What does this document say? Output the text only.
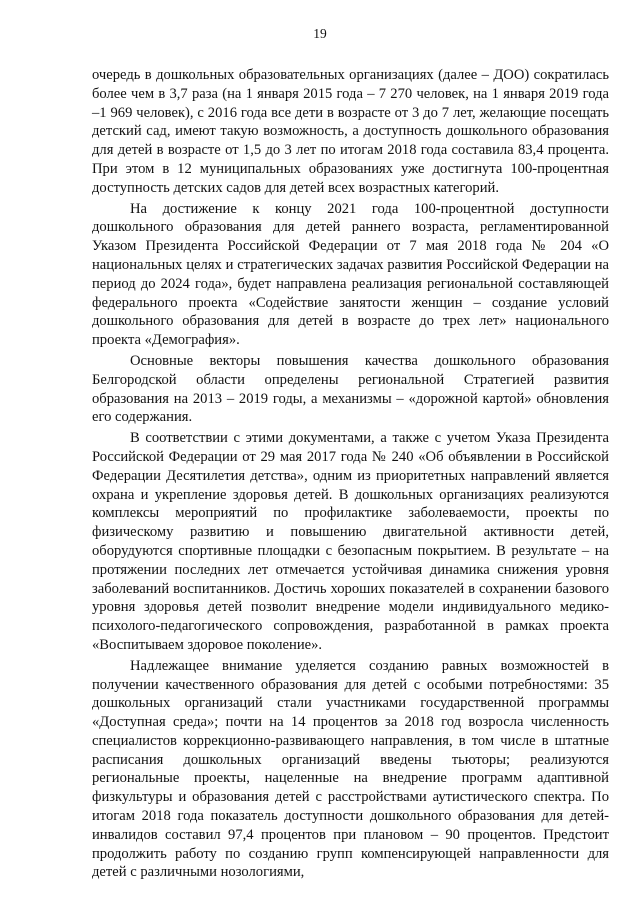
19

очередь в дошкольных образовательных организациях (далее – ДОО) сократилась более чем в 3,7 раза (на 1 января 2015 года – 7 270 человек, на 1 января 2019 года –1 969 человек), с 2016 года все дети в возрасте от 3 до 7 лет, желающие посещать детский сад, имеют такую возможность, а доступность дошкольного образования для детей в возрасте от 1,5 до 3 лет по итогам 2018 года составила 83,4 процента. При этом в 12 муниципальных образованиях уже достигнута 100-процентная доступность детских садов для детей всех возрастных категорий.

На достижение к концу 2021 года 100-процентной доступности дошкольного образования для детей раннего возраста, регламентированной Указом Президента Российской Федерации от 7 мая 2018 года № 204 «О национальных целях и стратегических задачах развития Российской Федерации на период до 2024 года», будет направлена реализация региональной составляющей федерального проекта «Содействие занятости женщин – создание условий дошкольного образования для детей в возрасте до трех лет» национального проекта «Демография».

Основные векторы повышения качества дошкольного образования Белгородской области определены региональной Стратегией развития образования на 2013 – 2019 годы, а механизмы – «дорожной картой» обновления его содержания.

В соответствии с этими документами, а также с учетом Указа Президента Российской Федерации от 29 мая 2017 года № 240 «Об объявлении в Российской Федерации Десятилетия детства», одним из приоритетных направлений является охрана и укрепление здоровья детей. В дошкольных организациях реализуются комплексы мероприятий по профилактике заболеваемости, проекты по физическому развитию и повышению двигательной активности детей, оборудуются спортивные площадки с безопасным покрытием. В результате – на протяжении последних лет отмечается устойчивая динамика снижения уровня заболеваний воспитанников. Достичь хороших показателей в сохранении базового уровня здоровья детей позволит внедрение модели индивидуального медико-психолого-педагогического сопровождения, разработанной в рамках проекта «Воспитываем здоровое поколение».

Надлежащее внимание уделяется созданию равных возможностей в получении качественного образования для детей с особыми потребностями: 35 дошкольных организаций стали участниками государственной программы «Доступная среда»; почти на 14 процентов за 2018 год возросла численность специалистов коррекционно-развивающего направления, в том числе в штатные расписания дошкольных организаций введены тьюторы; реализуются региональные проекты, нацеленные на внедрение программ адаптивной физкультуры и образования детей с расстройствами аутистического спектра. По итогам 2018 года показатель доступности дошкольного образования для детей-инвалидов составил 97,4 процентов при плановом – 90 процентов. Предстоит продолжить работу по созданию групп компенсирующей направленности для детей с различными нозологиями,
